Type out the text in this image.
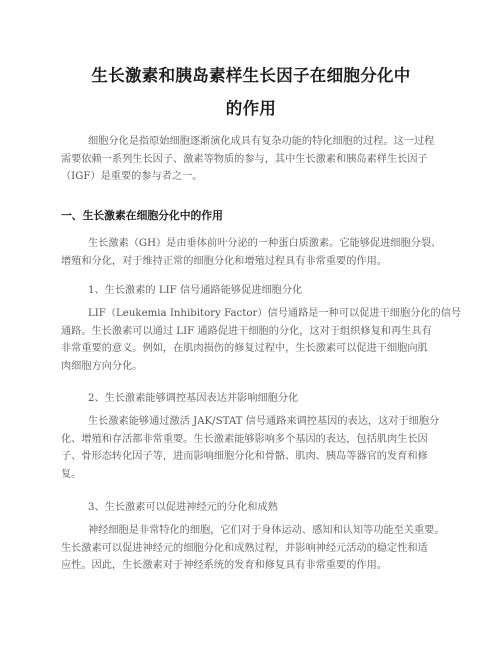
生长激素和胰岛素样生长因子在细胞分化中
的作用

细胞分化是指原始细胞逐渐演化成具有复杂功能的特化细胞的过程。这一过程
需要依赖一系列生长因子、激素等物质的参与，其中生长激素和胰岛素样生长因子
（IGF）是重要的参与者之一。

一、生长激素在细胞分化中的作用

生长激素（GH）是由垂体前叶分泌的一种蛋白质激素。它能够促进细胞分裂、
增殖和分化，对于维持正常的细胞分化和增殖过程具有非常重要的作用。

1、生长激素的 LIF 信号通路能够促进细胞分化

LIF（Leukemia Inhibitory Factor）信号通路是一种可以促进干细胞分化的信号
通路。生长激素可以通过 LIF 通路促进干细胞的分化，这对于组织修复和再生具有
非常重要的意义。例如，在肌肉损伤的修复过程中，生长激素可以促进干细胞向肌
肉细胞方向分化。

2、生长激素能够调控基因表达并影响细胞分化

生长激素能够通过激活 JAK/STAT 信号通路来调控基因的表达，这对于细胞分
化、增殖和存活都非常重要。生长激素能够影响多个基因的表达，包括肌肉生长因
子、骨形态转化因子等，进而影响细胞分化和骨骼、肌肉、胰岛等器官的发育和修
复。

3、生长激素可以促进神经元的分化和成熟

神经细胞是非常特化的细胞，它们对于身体运动、感知和认知等功能至关重要。
生长激素可以促进神经元的细胞分化和成熟过程，并影响神经元活动的稳定性和适
应性。因此，生长激素对于神经系统的发育和修复具有非常重要的作用。
